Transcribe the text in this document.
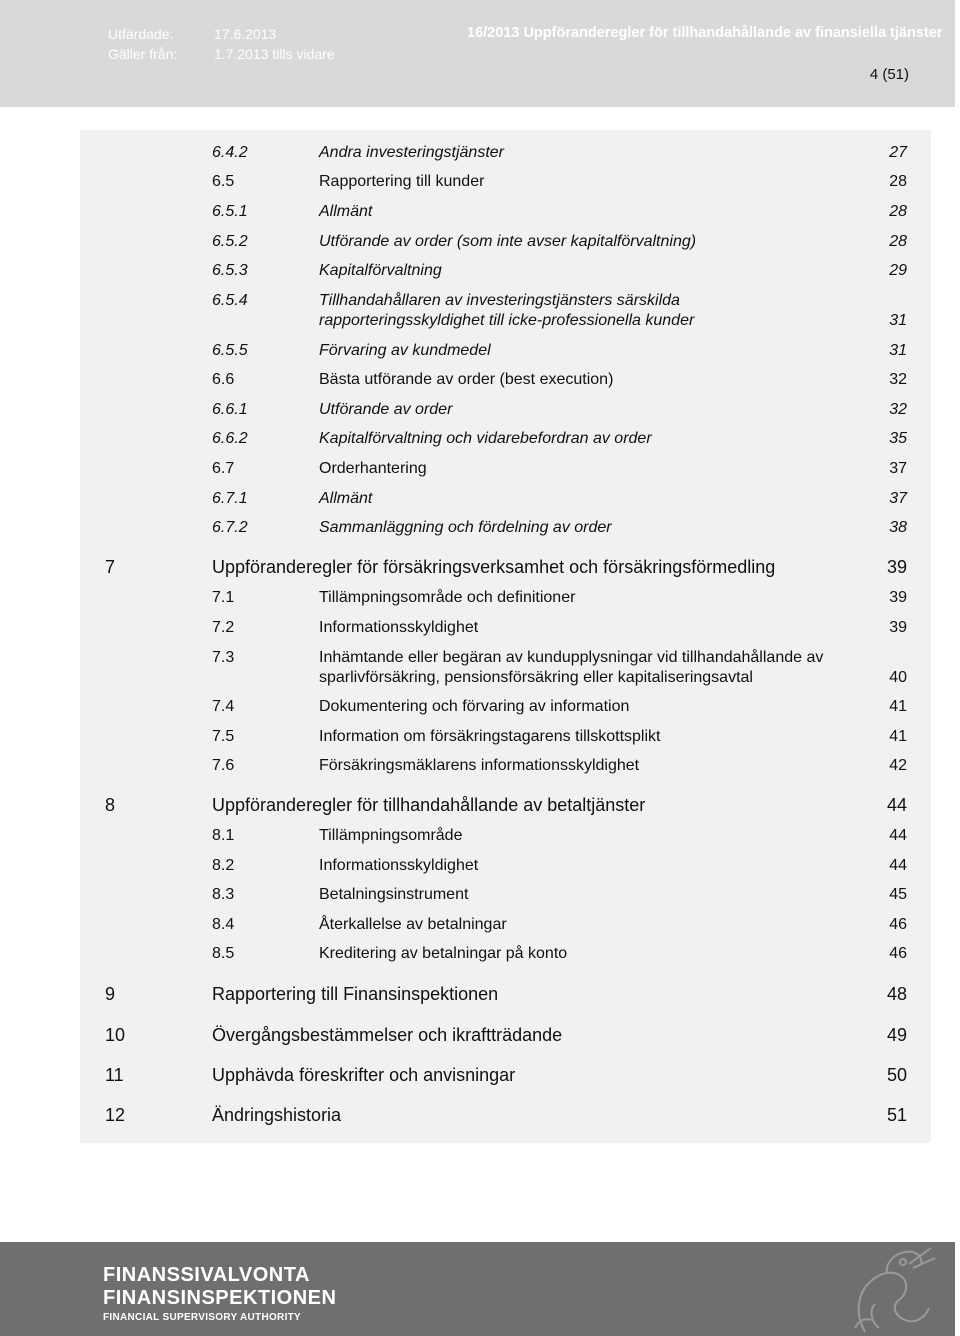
Utfärdade:	17.6.2013
Gäller från:	1.7.2013 tills vidare
16/2013 Uppföranderegler för tillhandahållande av finansiella tjänster
4 (51)
6.4.2	Andra investeringstjänster	27
6.5	Rapportering till kunder	28
6.5.1	Allmänt	28
6.5.2	Utförande av order (som inte avser kapitalförvaltning)	28
6.5.3	Kapitalförvaltning	29
6.5.4	Tillhandahållaren av investeringstjänsters särskilda
rapporteringsskyldighet till icke-professionella kunder	31
6.5.5	Förvaring av kundmedel	31
6.6	Bästa utförande av order (best execution)	32
6.6.1	Utförande av order	32
6.6.2	Kapitalförvaltning och vidarebefordran av order	35
6.7	Orderhantering	37
6.7.1	Allmänt	37
6.7.2	Sammanläggning och fördelning av order	38
7	Uppföranderegler för försäkringsverksamhet och försäkringsförmedling	39
7.1	Tillämpningsområde och definitioner	39
7.2	Informationsskyldighet	39
7.3	Inhämtande eller begäran av kundupplysningar vid tillhandahållande av
sparlivförsäkring, pensionsförsäkring eller kapitaliseringsavtal	40
7.4	Dokumentering och förvaring av information	41
7.5	Information om försäkringstagarens tillskottsplikt	41
7.6	Försäkringsmäklarens informationsskyldighet	42
8	Uppföranderegler för tillhandahållande av betaltjänster	44
8.1	Tillämpningsområde	44
8.2	Informationsskyldighet	44
8.3	Betalningsinstrument	45
8.4	Återkallelse av betalningar	46
8.5	Kreditering av betalningar på konto	46
9	Rapportering till Finansinspektionen	48
10	Övergångsbestämmelser och ikraftträdande	49
11	Upphävda föreskrifter och anvisningar	50
12	Ändringshistoria	51
FINANSSIVALVONTA
FINANSINSPEKTIONEN
FINANCIAL SUPERVISORY AUTHORITY
